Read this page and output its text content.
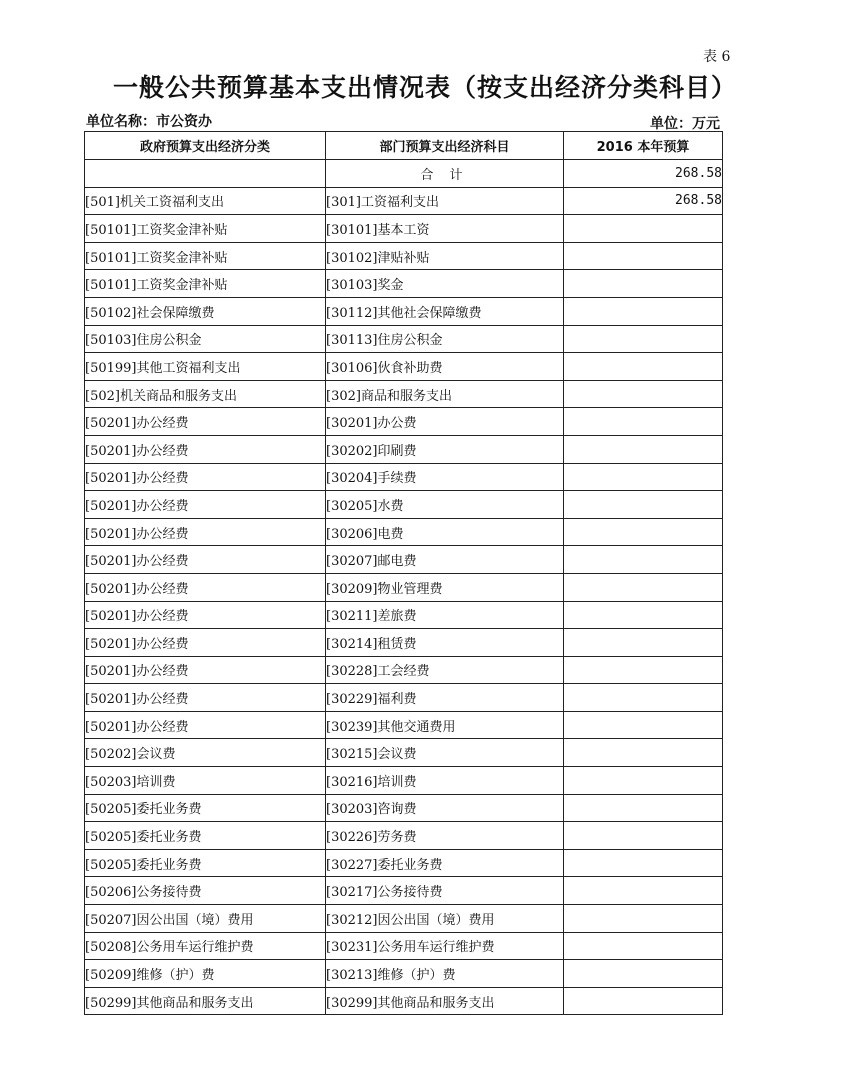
表 6
一般公共预算基本支出情况表（按支出经济分类科目）
单位名称：市公资办	单位：万元
政府预算支出经济分类	部门预算支出经济科目	2016 本年预算
	合 计	268.58
[501]机关工资福利支出	[301]工资福利支出	268.58
[50101]工资奖金津补贴	[30101]基本工资	
[50101]工资奖金津补贴	[30102]津贴补贴	
[50101]工资奖金津补贴	[30103]奖金	
[50102]社会保障缴费	[30112]其他社会保障缴费	
[50103]住房公积金	[30113]住房公积金	
[50199]其他工资福利支出	[30106]伙食补助费	
[502]机关商品和服务支出	[302]商品和服务支出	
[50201]办公经费	[30201]办公费	
[50201]办公经费	[30202]印刷费	
[50201]办公经费	[30204]手续费	
[50201]办公经费	[30205]水费	
[50201]办公经费	[30206]电费	
[50201]办公经费	[30207]邮电费	
[50201]办公经费	[30209]物业管理费	
[50201]办公经费	[30211]差旅费	
[50201]办公经费	[30214]租赁费	
[50201]办公经费	[30228]工会经费	
[50201]办公经费	[30229]福利费	
[50201]办公经费	[30239]其他交通费用	
[50202]会议费	[30215]会议费	
[50203]培训费	[30216]培训费	
[50205]委托业务费	[30203]咨询费	
[50205]委托业务费	[30226]劳务费	
[50205]委托业务费	[30227]委托业务费	
[50206]公务接待费	[30217]公务接待费	
[50207]因公出国（境）费用	[30212]因公出国（境）费用	
[50208]公务用车运行维护费	[30231]公务用车运行维护费	
[50209]维修（护）费	[30213]维修（护）费	
[50299]其他商品和服务支出	[30299]其他商品和服务支出	
